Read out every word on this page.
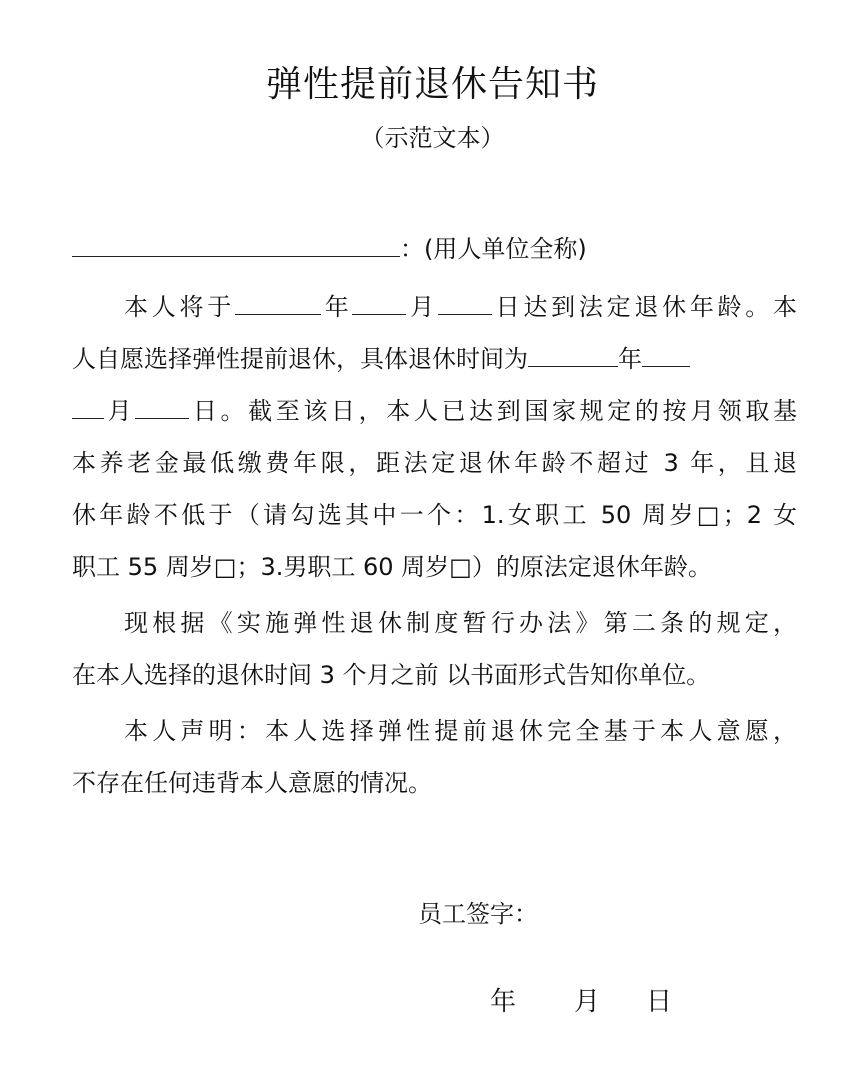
弹性提前退休告知书
（示范文本）
：(用人单位全称)
本人将于	年 月 日达到法定退休年龄。本
人自愿选择弹性提前退休，具体退休时间为	年
月 日。截至该日，本人已达到国家规定的按月领取基
本养老金最低缴费年限，距法定退休年龄不超过 3 年，且退
休年龄不低于（请勾选其中一个：1.女职工 50 周岁□；2 女
职工 55 周岁□；3.男职工 60 周岁□）的原法定退休年龄。
现根据《实施弹性退休制度暂行办法》第二条的规定，
在本人选择的退休时间 3 个月之前 以书面形式告知你单位。
本人声明：本人选择弹性提前退休完全基于本人意愿，
不存在任何违背本人意愿的情况。
员工签字：
年 月 日
